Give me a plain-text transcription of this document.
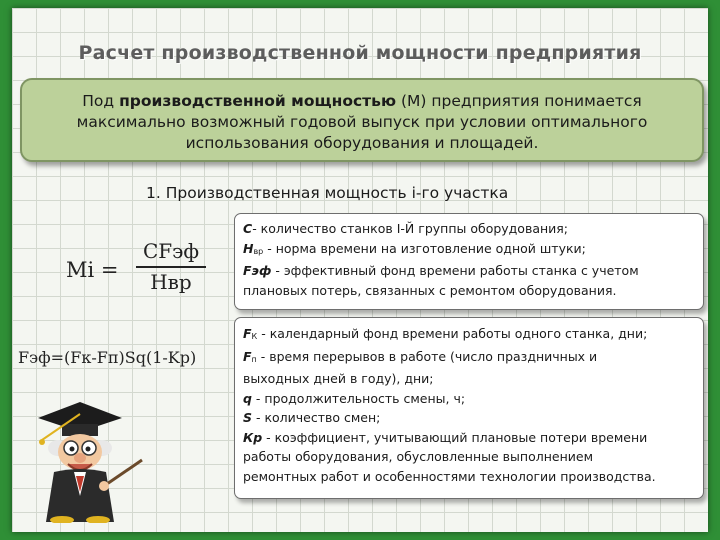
Расчет производственной мощности предприятия
Под производственной мощностью (М) предприятия понимается максимально возможный годовой выпуск при условии оптимального использования оборудования и площадей.
1. Производственная мощность i-го участка
Mi =
CFэф
Hвр
Fэф=(Fк-Fп)Sq(1-Kp)
С- количество станков І-Й группы оборудования;
Нвр - норма времени на изготовление одной штуки;
Fэф - эффективный фонд времени работы станка с учетом
плановых потерь, связанных с ремонтом оборудования.
FК - календарный фонд времени работы одного станка, дни;
Fп - время перерывов в работе (число праздничных и
выходных дней в году), дни;
q - продолжительность смены, ч;
S - количество смен;
Кр - коэффициент, учитывающий плановые потери времени
работы оборудования, обусловленные выполнением
ремонтных работ и особенностями технологии производства.
